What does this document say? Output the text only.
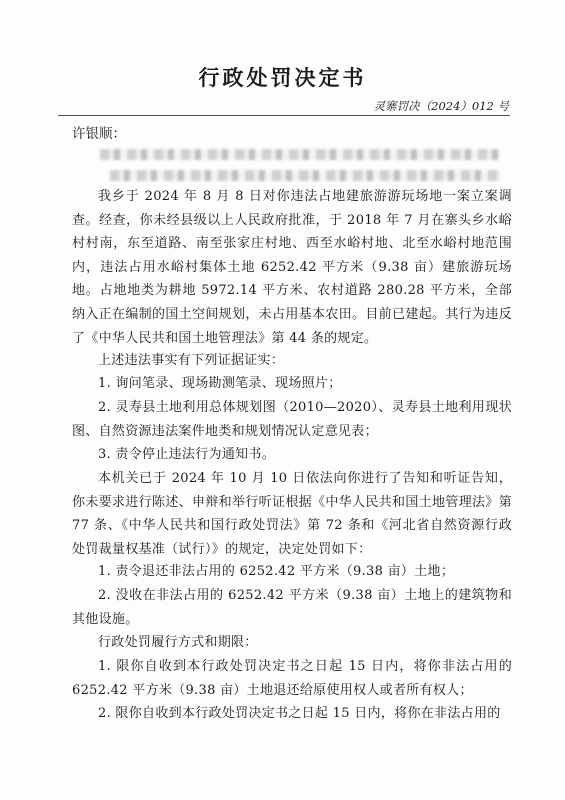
行政处罚决定书
灵寨罚决（2024）012 号
许银顺：
我乡于 2024 年 8 月 8 日对你违法占地建旅游游玩场地一案立案调查。经查，你未经县级以上人民政府批准，于 2018 年 7 月在寨头乡水峪村村南，东至道路、南至张家庄村地、西至水峪村地、北至水峪村地范围内，违法占用水峪村集体土地 6252.42 平方米（9.38 亩）建旅游玩场地。占地地类为耕地 5972.14 平方米、农村道路 280.28 平方米，全部纳入正在编制的国土空间规划，未占用基本农田。目前已建起。其行为违反了《中华人民共和国土地管理法》第 44 条的规定。
上述违法事实有下列证据证实：
1. 询问笔录、现场勘测笔录、现场照片；
2. 灵寿县土地利用总体规划图（2010—2020）、灵寿县土地利用现状图、自然资源违法案件地类和规划情况认定意见表；
3. 责令停止违法行为通知书。
本机关已于 2024 年 10 月 10 日依法向你进行了告知和听证告知，你未要求进行陈述、申辩和举行听证根据《中华人民共和国土地管理法》第 77 条、《中华人民共和国行政处罚法》第 72 条和《河北省自然资源行政处罚裁量权基准（试行）》的规定，决定处罚如下：
1. 责令退还非法占用的 6252.42 平方米（9.38 亩）土地；
2. 没收在非法占用的 6252.42 平方米（9.38 亩）土地上的建筑物和其他设施。
行政处罚履行方式和期限：
1. 限你自收到本行政处罚决定书之日起 15 日内，将你非法占用的 6252.42 平方米（9.38 亩）土地退还给原使用权人或者所有权人；
2. 限你自收到本行政处罚决定书之日起 15 日内，将你在非法占用的
